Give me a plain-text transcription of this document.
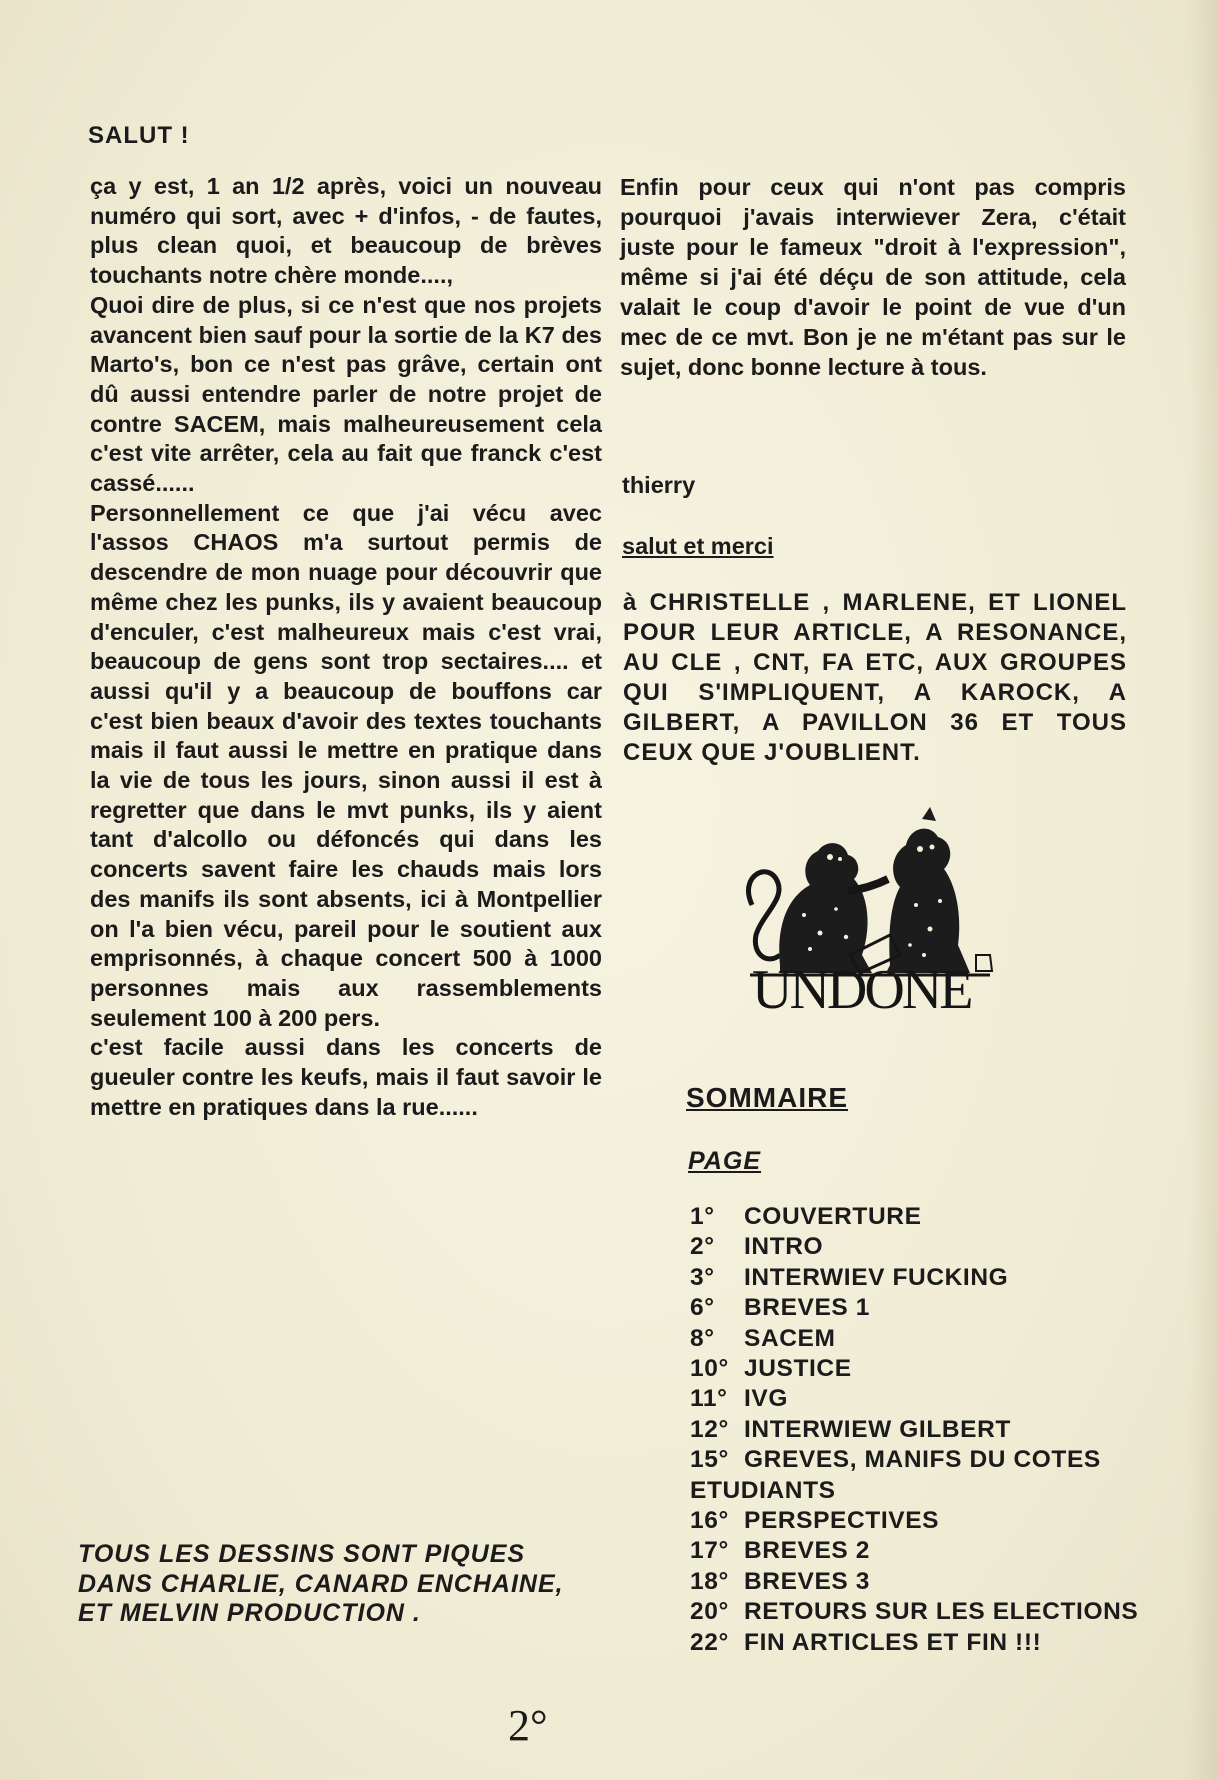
SALUT !

ça y est, 1 an 1/2 après, voici un nouveau numéro qui sort, avec + d'infos, - de fautes, plus clean quoi, et beaucoup de brèves touchants notre chère monde....,

Quoi dire de plus, si ce n'est que nos projets avancent bien sauf pour la sortie de la K7 des Marto's, bon ce n'est pas grâve, certain ont dû aussi entendre parler de notre projet de contre SACEM, mais malheureusement cela c'est vite arrêter, cela au fait que franck c'est cassé......

Personnellement ce que j'ai vécu avec l'assos CHAOS m'a surtout permis de descendre de mon nuage pour découvrir que même chez les punks, ils y avaient beaucoup d'enculer, c'est malheureux mais c'est vrai, beaucoup de gens sont trop sectaires.... et aussi qu'il y a beaucoup de bouffons car c'est bien beaux d'avoir des textes touchants mais il faut aussi le mettre en pratique dans la vie de tous les jours, sinon aussi il est à regretter que dans le mvt punks, ils y aient tant d'alcollo ou défoncés qui dans les concerts savent faire les chauds mais lors des manifs ils sont absents, ici à Montpellier on l'a bien vécu, pareil pour le soutient aux emprisonnés, à chaque concert 500 à 1000 personnes mais aux rassemblements seulement 100 à 200 pers.

c'est facile aussi dans les concerts de gueuler contre les keufs, mais il faut savoir le mettre en pratiques dans la rue......

Enfin pour ceux qui n'ont pas compris pourquoi j'avais interwiever Zera, c'était juste pour le fameux "droit à l'expression", même si j'ai été déçu de son attitude, cela valait le coup d'avoir le point de vue d'un mec de ce mvt. Bon je ne m'étant pas sur le sujet, donc bonne lecture à tous.

thierry
salut et merci
à CHRISTELLE , MARLENE, ET LIONEL POUR LEUR ARTICLE, A RESONANCE, AU CLE , CNT, FA ETC, AUX GROUPES QUI S'IMPLIQUENT, A KAROCK, A GILBERT, A PAVILLON 36 ET TOUS CEUX QUE J'OUBLIENT.
UNDONE
SOMMAIRE
PAGE
1° COUVERTURE
2° INTRO
3° INTERWIEV FUCKING
6° BREVES 1
8° SACEM
10° JUSTICE
11° IVG
12° INTERWIEW GILBERT
15° GREVES, MANIFS DU COTES ETUDIANTS
16° PERSPECTIVES
17° BREVES 2
18° BREVES 3
20° RETOURS SUR LES ELECTIONS
22° FIN ARTICLES ET FIN !!!
TOUS LES DESSINS SONT PIQUES DANS CHARLIE, CANARD ENCHAINE, ET MELVIN PRODUCTION .
2°
